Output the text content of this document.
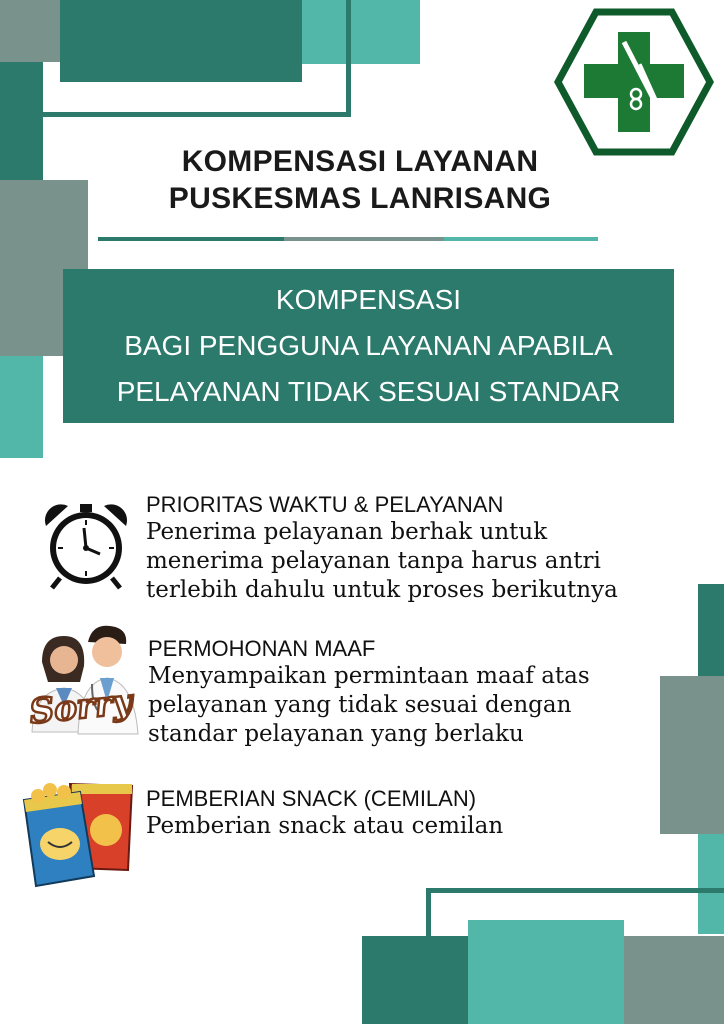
KOMPENSASI LAYANAN
PUSKESMAS LANRISANG
KOMPENSASI
BAGI PENGGUNA LAYANAN APABILA
PELAYANAN TIDAK SESUAI STANDAR
PRIORITAS WAKTU & PELAYANAN
Penerima pelayanan berhak untuk
menerima pelayanan tanpa harus antri
terlebih dahulu untuk proses berikutnya
Sorry
PERMOHONAN MAAF
Menyampaikan permintaan maaf atas
pelayanan yang tidak sesuai dengan
standar pelayanan yang berlaku
PEMBERIAN SNACK (CEMILAN)
Pemberian snack atau cemilan
